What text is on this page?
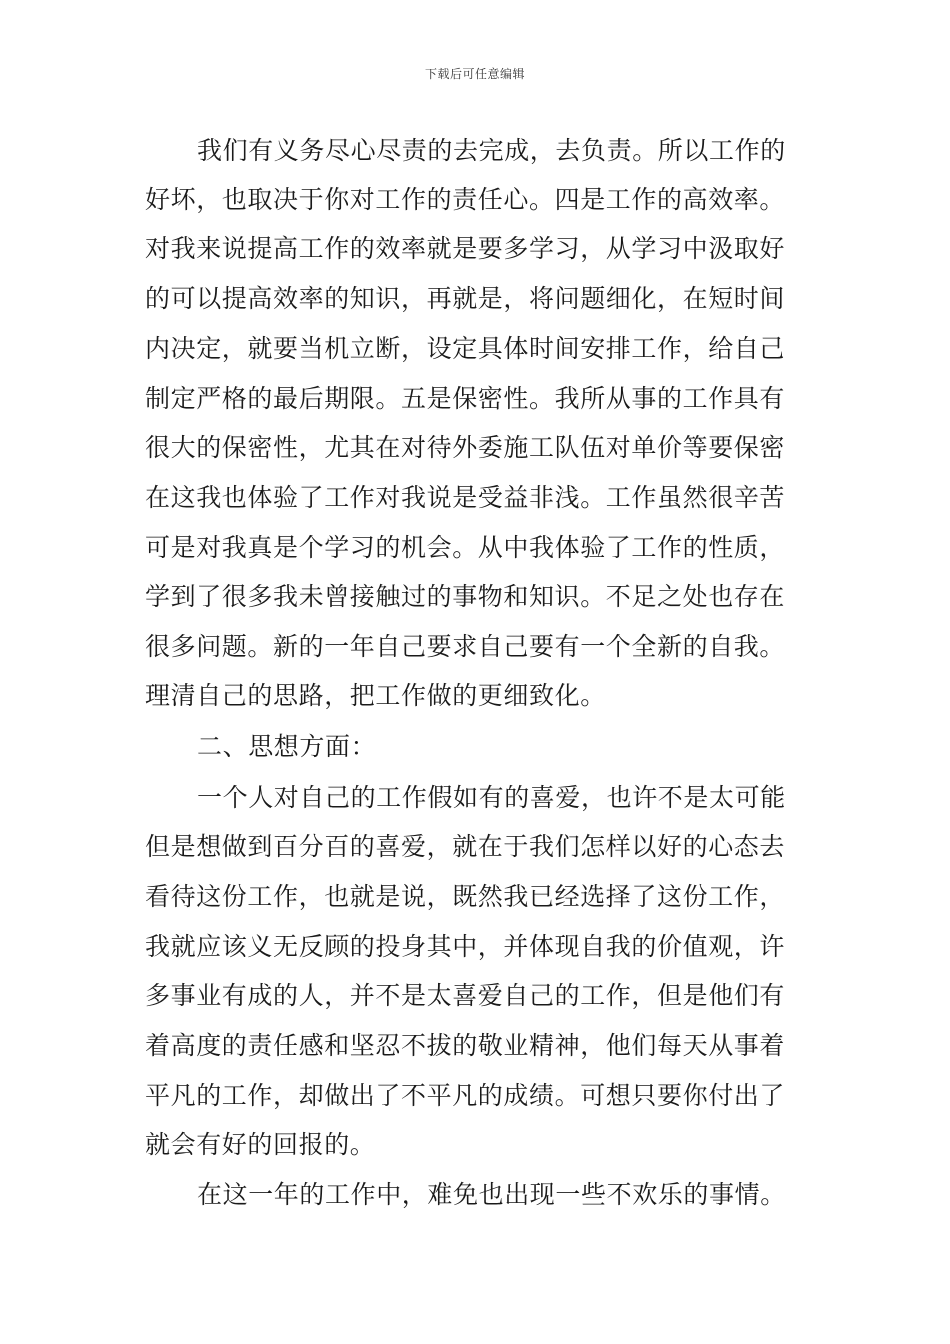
下载后可任意编辑
我们有义务尽心尽责的去完成，去负责。所以工作的
好坏，也取决于你对工作的责任心。四是工作的高效率。
对我来说提高工作的效率就是要多学习，从学习中汲取好
的可以提高效率的知识，再就是，将问题细化，在短时间
内决定，就要当机立断，设定具体时间安排工作，给自己
制定严格的最后期限。五是保密性。我所从事的工作具有
很大的保密性，尤其在对待外委施工队伍对单价等要保密
在这我也体验了工作对我说是受益非浅。工作虽然很辛苦
可是对我真是个学习的机会。从中我体验了工作的性质，
学到了很多我未曾接触过的事物和知识。不足之处也存在
很多问题。新的一年自己要求自己要有一个全新的自我。
理清自己的思路，把工作做的更细致化。
二、思想方面：
一个人对自己的工作假如有的喜爱，也许不是太可能
但是想做到百分百的喜爱，就在于我们怎样以好的心态去
看待这份工作，也就是说，既然我已经选择了这份工作，
我就应该义无反顾的投身其中，并体现自我的价值观，许
多事业有成的人，并不是太喜爱自己的工作，但是他们有
着高度的责任感和坚忍不拔的敬业精神，他们每天从事着
平凡的工作，却做出了不平凡的成绩。可想只要你付出了
就会有好的回报的。
在这一年的工作中，难免也出现一些不欢乐的事情。
